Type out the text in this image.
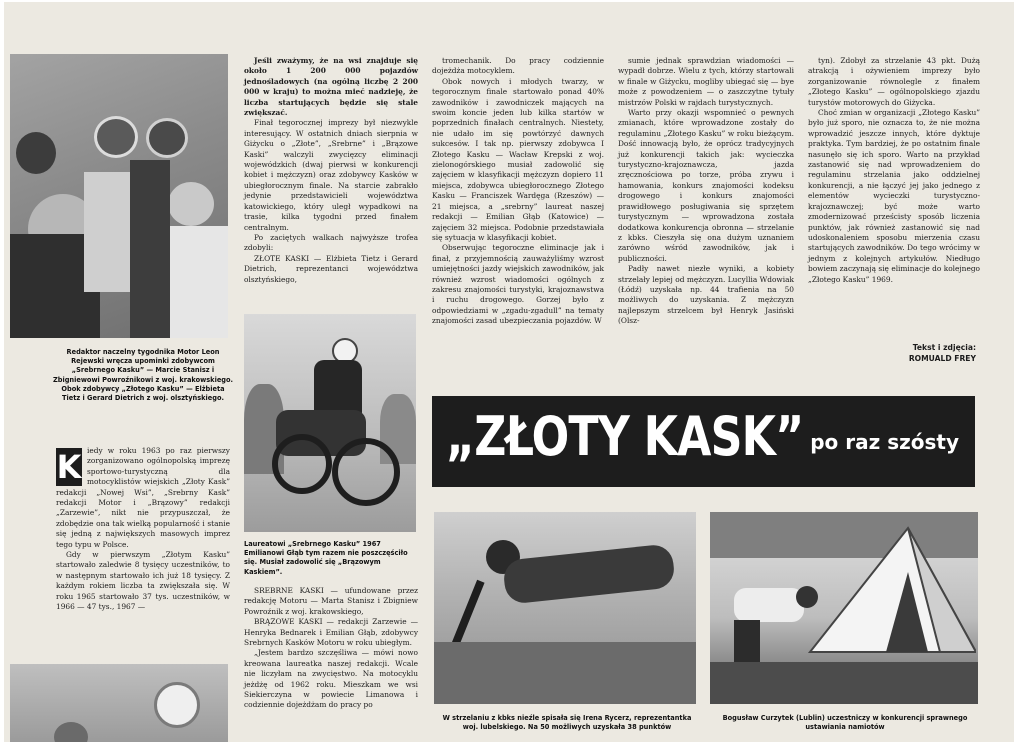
Redaktor naczelny tygodnika Motor Leon Rejewski wręcza upominki zdobywcom „Srebrnego Kasku” — Marcie Stanisz i Zbigniewowi Powroźnikowi z woj. krakowskiego. Obok zdobywcy „Złotego Kasku” — Elżbieta Tietz i Gerard Dietrich z woj. olsztyńskiego.
K iedy w roku 1963 po raz pierwszy zorganizowano ogólnopolską imprezę sportowo-turystyczną dla motocyklistów wiejskich „Złoty Kask” redakcji „Nowej Wsi”, „Srebrny Kask” redakcji Motor i „Brązowy” redakcji „Zarzewie”, nikt nie przypuszczał, że zdobędzie ona tak wielką popularność i stanie się jedną z największych masowych imprez tego typu w Polsce.

Gdy w pierwszym „Złotym Kasku” startowało zaledwie 8 tysięcy uczestników, to w następnym startowało ich już 18 tysięcy. Z każdym rokiem liczba ta zwiększała się. W roku 1965 startowało 37 tys. uczestników, w 1966 — 47 tys., 1967 —

Jeśli zważymy, że na wsi znajduje się około 1 200 000 pojazdów jednośladowych (na ogólną liczbę 2 200 000 w kraju) to można mieć nadzieję, że liczba startujących będzie się stale zwiększać.

Finał tegorocznej imprezy był niezwykle interesujący. W ostatnich dniach sierpnia w Giżycku o „Złote”, „Srebrne” i „Brązowe Kaski” walczyli zwycięzcy eliminacji wojewódzkich (dwaj pierwsi w konkurencji kobiet i mężczyzn) oraz zdobywcy Kasków w ubiegłorocznym finale. Na starcie zabrakło jedynie przedstawicieli województwa katowickiego, który uległ wypadkowi na trasie, kilka tygodni przed finałem centralnym.

Po zaciętych walkach najwyższe trofea zdobyli:

ZŁOTE KASKI — Elżbieta Tietz i Gerard Dietrich, reprezentanci województwa olsztyńskiego,

Laureatowi „Srebrnego Kasku” 1967 Emilianowi Głąb tym razem nie poszczęściło się. Musiał zadowolić się „Brązowym Kaskiem”.

SREBRNE KASKI — ufundowane przez redakcję Motoru — Marta Stanisz i Zbigniew Powroźnik z woj. krakowskiego,

BRĄZOWE KASKI — redakcji Zarzewie — Henryka Bednarek i Emilian Głąb, zdobywcy Srebrnych Kasków Motoru w roku ubiegłym.

„Jestem bardzo szczęśliwa — mówi nowo kreowana laureatka naszej redakcji. Wcale nie liczyłam na zwycięstwo. Na motocyklu jeżdżę od 1962 roku. Mieszkam we wsi Siekierczyna w powiecie Limanowa i codziennie dojeżdżam do pracy po

tromechanik. Do pracy codziennie dojeżdża motocyklem.

Obok nowych i młodych twarzy, w tegorocznym finale startowało ponad 40% zawodników i zawodniczek mających na swoim koncie jeden lub kilka startów w poprzednich finałach centralnych. Niestety, nie udało im się powtórzyć dawnych sukcesów. I tak np. pierwszy zdobywca I Złotego Kasku — Wacław Krepski z woj. zielonogórskiego musiał zadowolić się zajęciem w klasyfikacji mężczyzn dopiero 11 miejsca, zdobywca ubiegłorocznego Złotego Kasku — Franciszek Wardęga (Rzeszów) — 21 miejsca, a „srebrny” laureat naszej redakcji — Emilian Głąb (Katowice) — zajęciem 32 miejsca. Podobnie przedstawiała się sytuacja w klasyfikacji kobiet.

Obserwując tegoroczne eliminacje jak i finał, z przyjemnością zauważyliśmy wzrost umiejętności jazdy wiejskich zawodników, jak również wzrost wiadomości ogólnych z zakresu znajomości turystyki, krajoznawstwa i ruchu drogowego. Gorzej było z odpowiedziami w „zgadu-zgadull” na tematy znajomości zasad ubezpieczania pojazdów. W

sumie jednak sprawdzian wiadomości — wypadł dobrze. Wielu z tych, którzy startowali w finale w Giżycku, mogliby ubiegać się — bye może z powodzeniem — o zaszczytne tytuły mistrzów Polski w rajdach turystycznych.

Warto przy okazji wspomnieć o pewnych zmianach, które wprowadzone zostały do regulaminu „Złotego Kasku” w roku bieżącym. Dość innowacją było, że oprócz tradycyjnych już konkurencji takich jak: wycieczka turystyczno-krajoznawcza, jazda zręcznościowa po torze, próba zrywu i hamowania, konkurs znajomości kodeksu drogowego i konkurs znajomości prawidłowego posługiwania się sprzętem turystycznym — wprowadzona została dodatkowa konkurencja obronna — strzelanie z kbks. Cieszyła się ona dużym uznaniem zarówno wśród zawodników, jak i publiczności.

Padły nawet niezłe wyniki, a kobiety strzelały lepiej od mężczyzn. Lucyllia Wdowiak (Łódź) uzyskała np. 44 trafienia na 50 możliwych do uzyskania. Z mężczyzn najlepszym strzelcem był Henryk Jasiński (Olsz-

tyn). Zdobył za strzelanie 43 pkt. Dużą atrakcją i ożywieniem imprezy było zorganizowanie równolegle z finałem „Złotego Kasku” — ogólnopolskiego zjazdu turystów motorowych do Giżycka.

Choć zmian w organizacji „Złotego Kasku” było już sporo, nie oznacza to, że nie można wprowadzić jeszcze innych, które dyktuje praktyka. Tym bardziej, że po ostatnim finale nasunęło się ich sporo. Warto na przykład zastanowić się nad wprowadzeniem do regulaminu strzelania jako oddzielnej konkurencji, a nie łączyć jej jako jednego z elementów wycieczki turystyczno-krajoznawczej; być może warto zmodernizować prześcisty sposób liczenia punktów, jak również zastanowić się nad udoskonaleniem sposobu mierzenia czasu startujących zawodników. Do tego wrócimy w jednym z kolejnych artykułów. Niedługo bowiem zaczynają się eliminacje do kolejnego „Złotego Kasku” 1969.

Tekst i zdjęcia:
ROMUALD FREY
„ZŁOTY KASK” po raz szósty
W strzelaniu z kbks nieźle spisała się Irena Rycerz, reprezentantka woj. lubelskiego. Na 50 możliwych uzyskała 38 punktów
Bogusław Curzytek (Lublin) uczestniczy w konkurencji sprawnego ustawiania namiotów
